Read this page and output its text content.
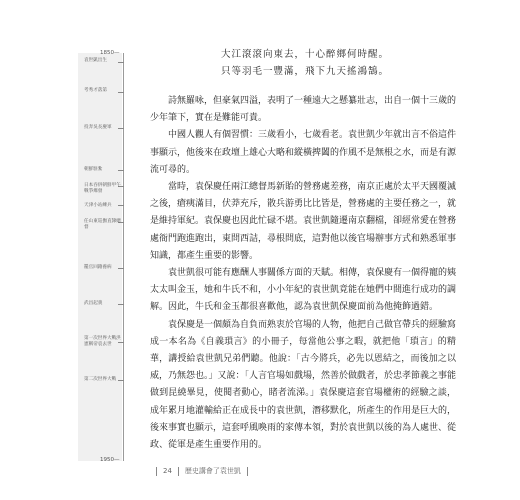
1850—
1950—
袁世凱出生
考秀才落第
投奔吳長慶軍
朝鮮駐紮
日本吞併朝鮮甲午戰爭爆發
天津小站練兵
任山東巡撫直隸總督
罷官回籍養病
武昌起義
第一次世界大戰洪憲稱帝袁去世
第二次世界大戰
大江滾滾向東去，十心醉鄉何時醒。
只等羽毛一豐滿，飛下九天搖鴻鵠。

詩無羅咏，但豪氣四溢，表明了一種遠大之懸纂壯志，出自一個十三歲的少年筆下，實在是難能可貴。

中國人觀人有個習慣：三歲看小，七歲看老。袁世凱少年就出言不俗這件事顯示，他後來在政壇上雄心大略和縱橫捭闔的作風不是無根之水，而是有源流可尋的。

當時，袁保慶任兩江總督馬新貽的營務處差務，南京正處於太平天國覆滅之後，瘡痍滿目，伏莽充斥，散兵游勇比比皆是，營務處的主要任務之一，就是維持軍紀。袁保慶也因此忙碌不堪。袁世凱隨遷南京翻檔，卻經常愛在營務處衙門跑進跑出，東問西詰，尋根問底，這對他以後官場辦事方式和熟悉軍事知識，都產生重要的影響。

袁世凱很可能有應酬人事關係方面的天賦。相傳，袁保慶有一個得寵的姨太太叫金玉，她和牛氏不和，小小年紀的袁世凱竟能在她們中間進行成功的調解。因此，牛氏和金玉都很喜歡他，認為袁世凱保慶面前為他掩飾過錯。

袁保慶是一個頗為自負而熟衷於官場的人物，他把自己做官帶兵的經驗寫成一本名為《自義瑣言》的小冊子，每當他公事之暇，就把他「瑣言」的精華，講授給袁世凱兄弟們聽。他說：「古今將兵，必先以恩結之，而後加之以威，乃無怨也。」又說：「人言官場如戲場，然善於做戲者，於忠孝節義之事能做到昆繞畢見，使閱者動心，睹者流涕。」袁保慶這套官場權術的經驗之談，成年累月地灌輸給正在成長中的袁世凱，潛移默化，所產生的作用是巨大的，後來事實也顯示，這套呼風喚雨的家傳本領，對於袁世凱以後的為人處世、從政、從軍是產生重要作用的。

24 歷史講會了袁世凱
